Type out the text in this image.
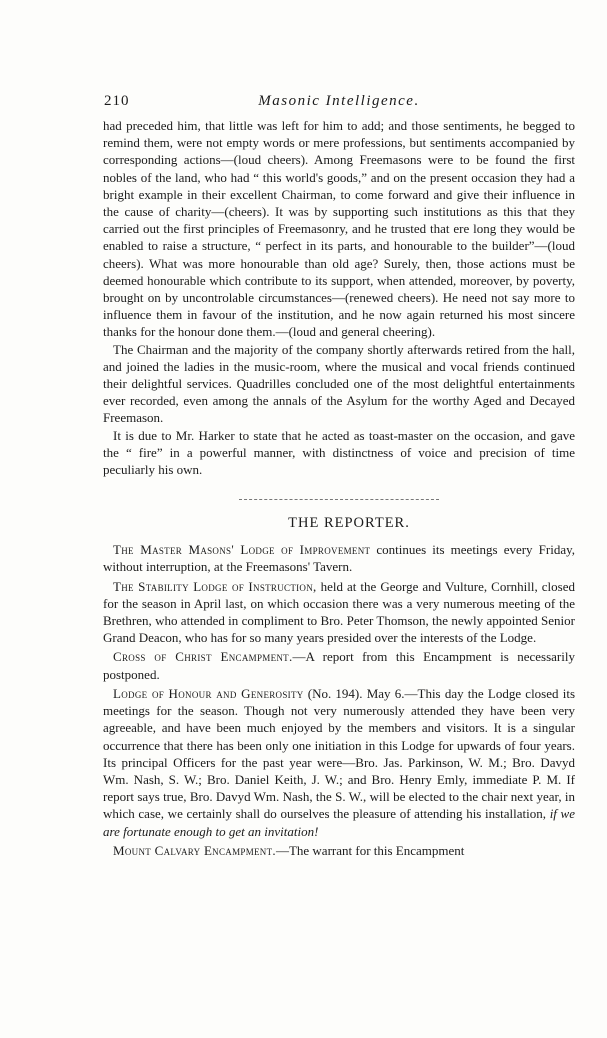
210	Masonic Intelligence.

had preceded him, that little was left for him to add; and those sentiments, he begged to remind them, were not empty words or mere professions, but sentiments accompanied by corresponding actions—(loud cheers). Among Freemasons were to be found the first nobles of the land, who had “ this world's goods,” and on the present occasion they had a bright example in their excellent Chairman, to come forward and give their influence in the cause of charity—(cheers). It was by supporting such institutions as this that they carried out the first principles of Freemasonry, and he trusted that ere long they would be enabled to raise a structure, “ perfect in its parts, and honourable to the builder”—(loud cheers). What was more honourable than old age? Surely, then, those actions must be deemed honourable which contribute to its support, when attended, moreover, by poverty, brought on by uncontrolable circumstances—(renewed cheers). He need not say more to influence them in favour of the institution, and he now again returned his most sincere thanks for the honour done them.—(loud and general cheering).

The Chairman and the majority of the company shortly afterwards retired from the hall, and joined the ladies in the music-room, where the musical and vocal friends continued their delightful services. Quadrilles concluded one of the most delightful entertainments ever recorded, even among the annals of the Asylum for the worthy Aged and Decayed Freemason.

It is due to Mr. Harker to state that he acted as toast-master on the occasion, and gave the “ fire” in a powerful manner, with distinctness of voice and precision of time peculiarly his own.

THE REPORTER.

The Master Masons' Lodge of Improvement continues its meetings every Friday, without interruption, at the Freemasons' Tavern.

The Stability Lodge of Instruction, held at the George and Vulture, Cornhill, closed for the season in April last, on which occasion there was a very numerous meeting of the Brethren, who attended in compliment to Bro. Peter Thomson, the newly appointed Senior Grand Deacon, who has for so many years presided over the interests of the Lodge.

Cross of Christ Encampment.—A report from this Encampment is necessarily postponed.

Lodge of Honour and Generosity (No. 194). May 6.—This day the Lodge closed its meetings for the season. Though not very numerously attended they have been very agreeable, and have been much enjoyed by the members and visitors. It is a singular occurrence that there has been only one initiation in this Lodge for upwards of four years. Its principal Officers for the past year were—Bro. Jas. Parkinson, W. M.; Bro. Davyd Wm. Nash, S. W.; Bro. Daniel Keith, J. W.; and Bro. Henry Emly, immediate P. M. If report says true, Bro. Davyd Wm. Nash, the S. W., will be elected to the chair next year, in which case, we certainly shall do ourselves the pleasure of attending his installation, if we are fortunate enough to get an invitation!

Mount Calvary Encampment.—The warrant for this Encampment
